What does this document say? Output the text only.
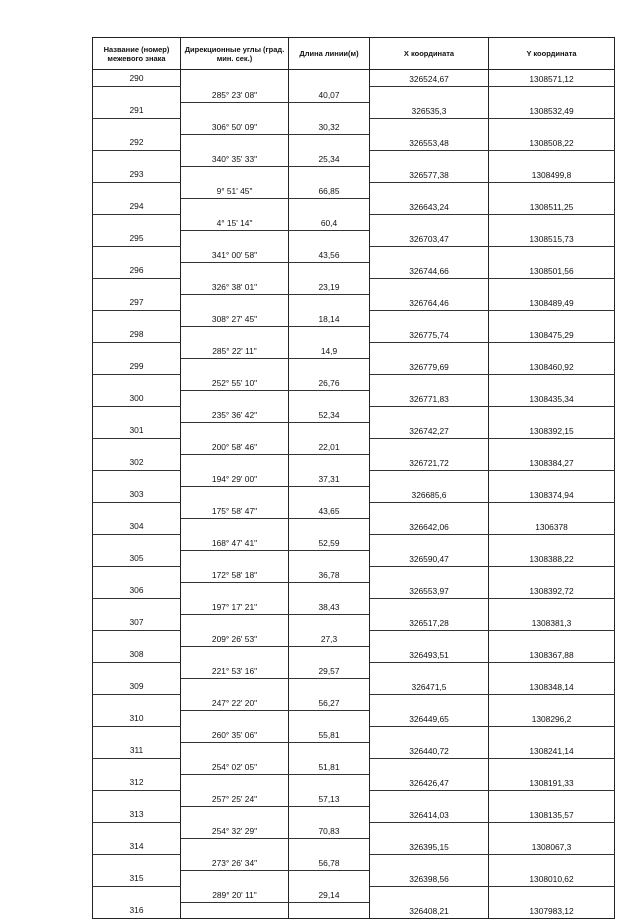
Название (номер) межевого знака	Дирекционные углы (град. мин. сек.)	Длина линии(м)	X координата	Y координата
290			326524,67	1308571,12
	285° 23' 08"	40,07		
291			326535,3	1308532,49
	306° 50' 09"	30,32		
292			326553,48	1308508,22
	340° 35' 33"	25,34		
293			326577,38	1308499,8
	9° 51' 45"	66,85		
294			326643,24	1308511,25
	4° 15' 14"	60,4		
295			326703,47	1308515,73
	341° 00' 58"	43,56		
296			326744,66	1308501,56
	326° 38' 01"	23,19		
297			326764,46	1308489,49
	308° 27' 45"	18,14		
298			326775,74	1308475,29
	285° 22' 11"	14,9		
299			326779,69	1308460,92
	252° 55' 10"	26,76		
300			326771,83	1308435,34
	235° 36' 42"	52,34		
301			326742,27	1308392,15
	200° 58' 46"	22,01		
302			326721,72	1308384,27
	194° 29' 00"	37,31		
303			326685,6	1308374,94
	175° 58' 47"	43,65		
304			326642,06	1306378
	168° 47' 41"	52,59		
305			326590,47	1308388,22
	172° 58' 18"	36,78		
306			326553,97	1308392,72
	197° 17' 21"	38,43		
307			326517,28	1308381,3
	209° 26' 53"	27,3		
308			326493,51	1308367,88
	221° 53' 16"	29,57		
309			326471,5	1308348,14
	247° 22' 20"	56,27		
310			326449,65	1308296,2
	260° 35' 06"	55,81		
311			326440,72	1308241,14
	254° 02' 05"	51,81		
312			326426,47	1308191,33
	257° 25' 24"	57,13		
313			326414,03	1308135,57
	254° 32' 29"	70,83		
314			326395,15	1308067,3
	273° 26' 34"	56,78		
315			326398,56	1308010,62
	289° 20' 11"	29,14		
316			326408,21	1307983,12
